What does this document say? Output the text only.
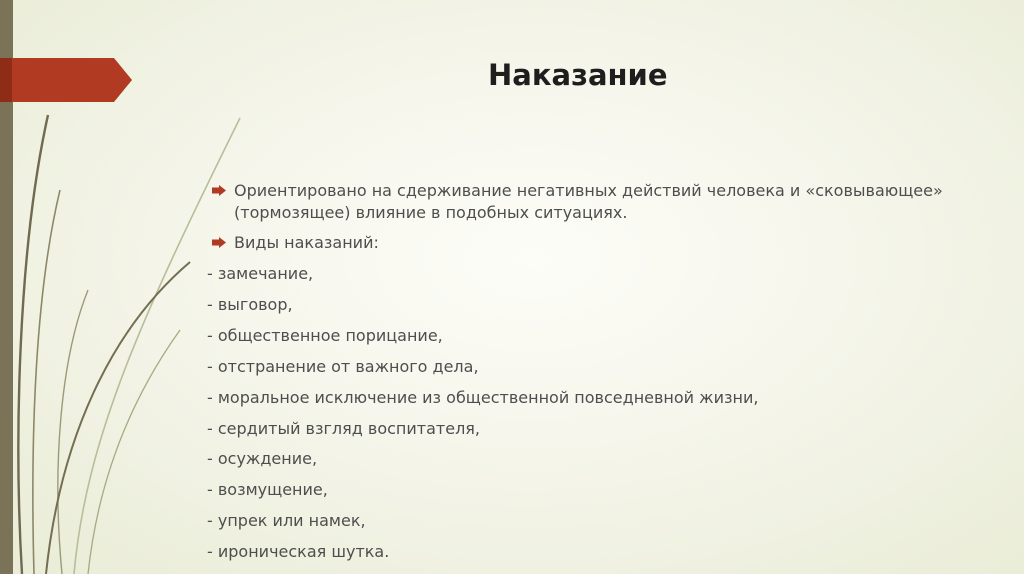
Наказание
Ориентировано на сдерживание негативных действий человека и «сковывающее» (тормозящее) влияние в подобных ситуациях.
Виды наказаний:
- замечание,
- выговор,
- общественное порицание,
- отстранение от важного дела,
- моральное исключение из общественной повседневной жизни,
- сердитый взгляд воспитателя,
- осуждение,
- возмущение,
- упрек или намек,
- ироническая шутка.
